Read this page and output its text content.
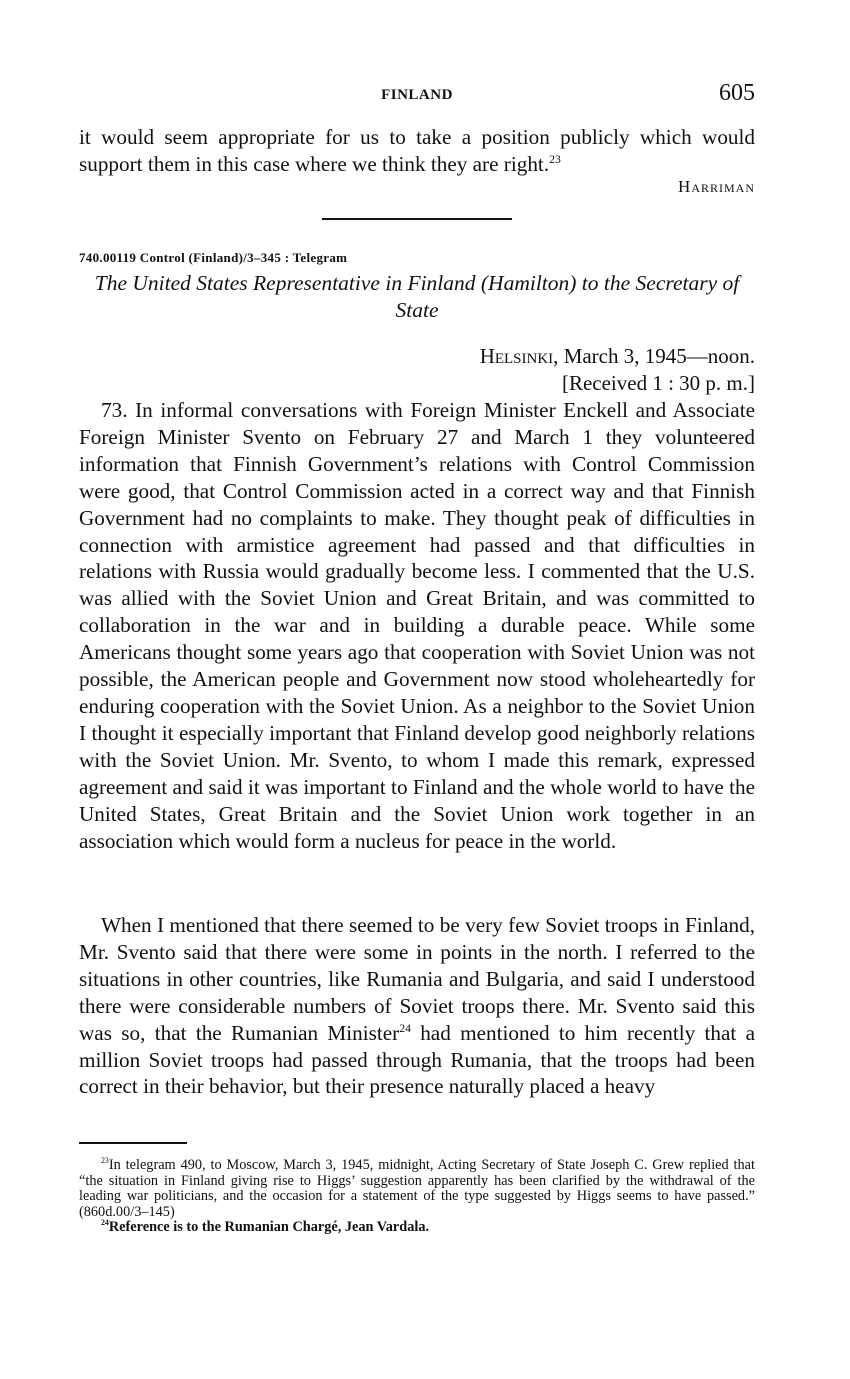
FINLAND	605

it would seem appropriate for us to take a position publicly which would support them in this case where we think they are right.$^{23}$

Harriman
740.00119 Control (Finland)/3–345 : Telegram
The United States Representative in Finland (Hamilton) to the Secretary of State
Helsinki, March 3, 1945—noon.
[Received 1 : 30 p. m.]

73. In informal conversations with Foreign Minister Enckell and Associate Foreign Minister Svento on February 27 and March 1 they volunteered information that Finnish Government’s relations with Control Commission were good, that Control Commission acted in a correct way and that Finnish Government had no complaints to make. They thought peak of difficulties in connection with armistice agreement had passed and that difficulties in relations with Russia would gradually become less. I commented that the U.S. was allied with the Soviet Union and Great Britain, and was committed to collaboration in the war and in building a durable peace. While some Americans thought some years ago that cooperation with Soviet Union was not possible, the American people and Government now stood wholeheartedly for enduring cooperation with the Soviet Union. As a neighbor to the Soviet Union I thought it especially important that Finland develop good neighborly relations with the Soviet Union. Mr. Svento, to whom I made this remark, expressed agreement and said it was important to Finland and the whole world to have the United States, Great Britain and the Soviet Union work together in an association which would form a nucleus for peace in the world.

When I mentioned that there seemed to be very few Soviet troops in Finland, Mr. Svento said that there were some in points in the north. I referred to the situations in other countries, like Rumania and Bulgaria, and said I understood there were considerable numbers of Soviet troops there. Mr. Svento said this was so, that the Rumanian Minister$^{24}$ had mentioned to him recently that a million Soviet troops had passed through Rumania, that the troops had been correct in their behavior, but their presence naturally placed a heavy

$^{23}$In telegram 490, to Moscow, March 3, 1945, midnight, Acting Secretary of State Joseph C. Grew replied that “the situation in Finland giving rise to Higgs’ suggestion apparently has been clarified by the withdrawal of the leading war politicians, and the occasion for a statement of the type suggested by Higgs seems to have passed.” (860d.00/3–145)

$^{24}$Reference is to the Rumanian Chargé, Jean Vardala.
